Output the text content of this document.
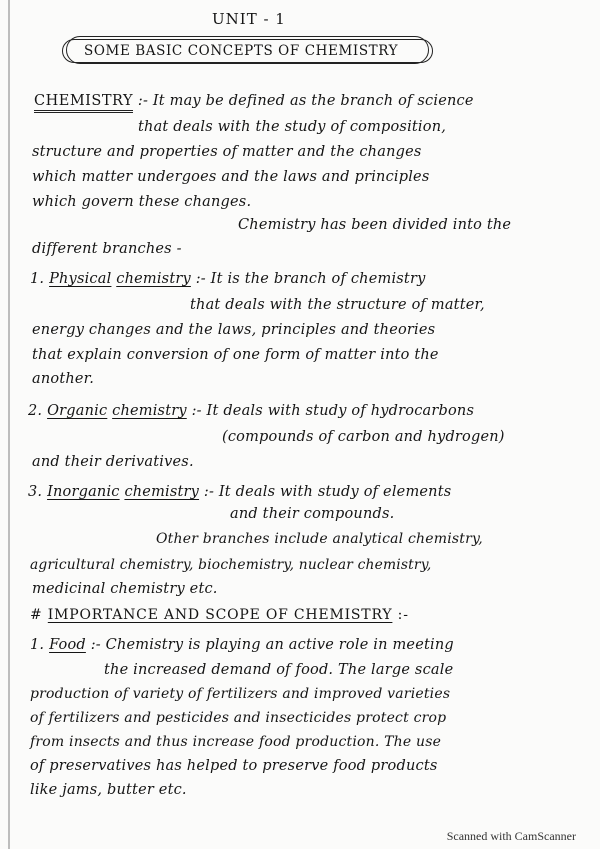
UNIT - 1
SOME BASIC CONCEPTS OF CHEMISTRY
CHEMISTRY :- It may be defined as the branch of science
that deals with the study of composition,
structure and properties of matter and the changes
which matter undergoes and the laws and principles
which govern these changes.
Chemistry has been divided into the
different branches -
1. Physical chemistry :- It is the branch of chemistry
that deals with the structure of matter,
energy changes and the laws, principles and theories
that explain conversion of one form of matter into the
another.
2. Organic chemistry :- It deals with study of hydrocarbons
(compounds of carbon and hydrogen)
and their derivatives.
3. Inorganic chemistry :- It deals with study of elements
and their compounds.
Other branches include analytical chemistry,
agricultural chemistry, biochemistry, nuclear chemistry,
medicinal chemistry etc.
# IMPORTANCE AND SCOPE OF CHEMISTRY :-
1. Food :- Chemistry is playing an active role in meeting
the increased demand of food. The large scale
production of variety of fertilizers and improved varieties
of fertilizers and pesticides and insecticides protect crop
from insects and thus increase food production. The use
of preservatives has helped to preserve food products
like jams, butter etc.
Scanned with CamScanner
